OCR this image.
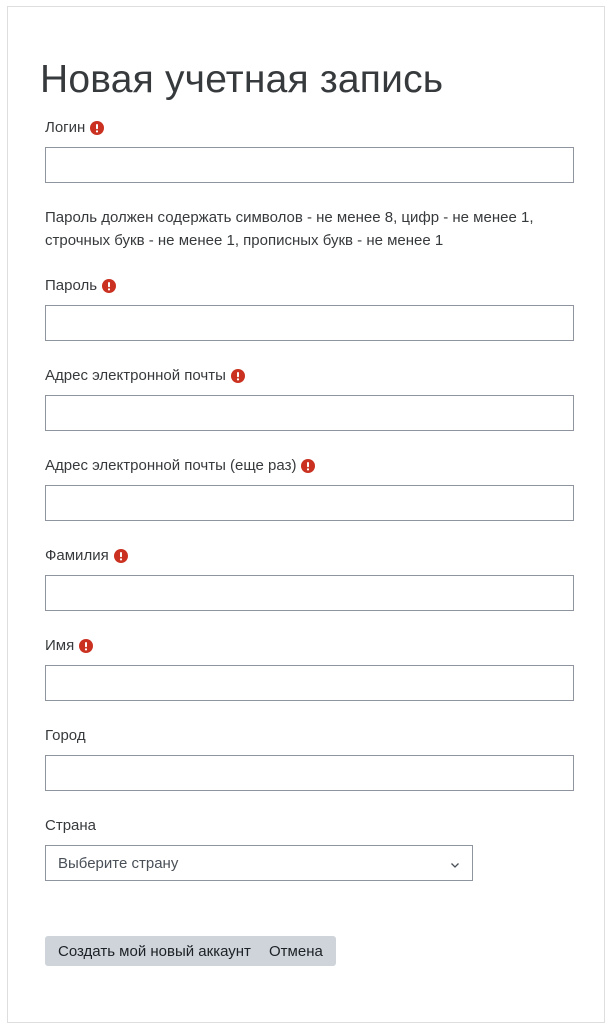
Новая учетная запись
Логин
Пароль должен содержать символов - не менее 8, цифр - не менее 1, строчных букв - не менее 1, прописных букв - не менее 1
Пароль
Адрес электронной почты
Адрес электронной почты (еще раз)
Фамилия
Имя
Город
Страна
Выберите страну
Создать мой новый аккаунт	Отмена
